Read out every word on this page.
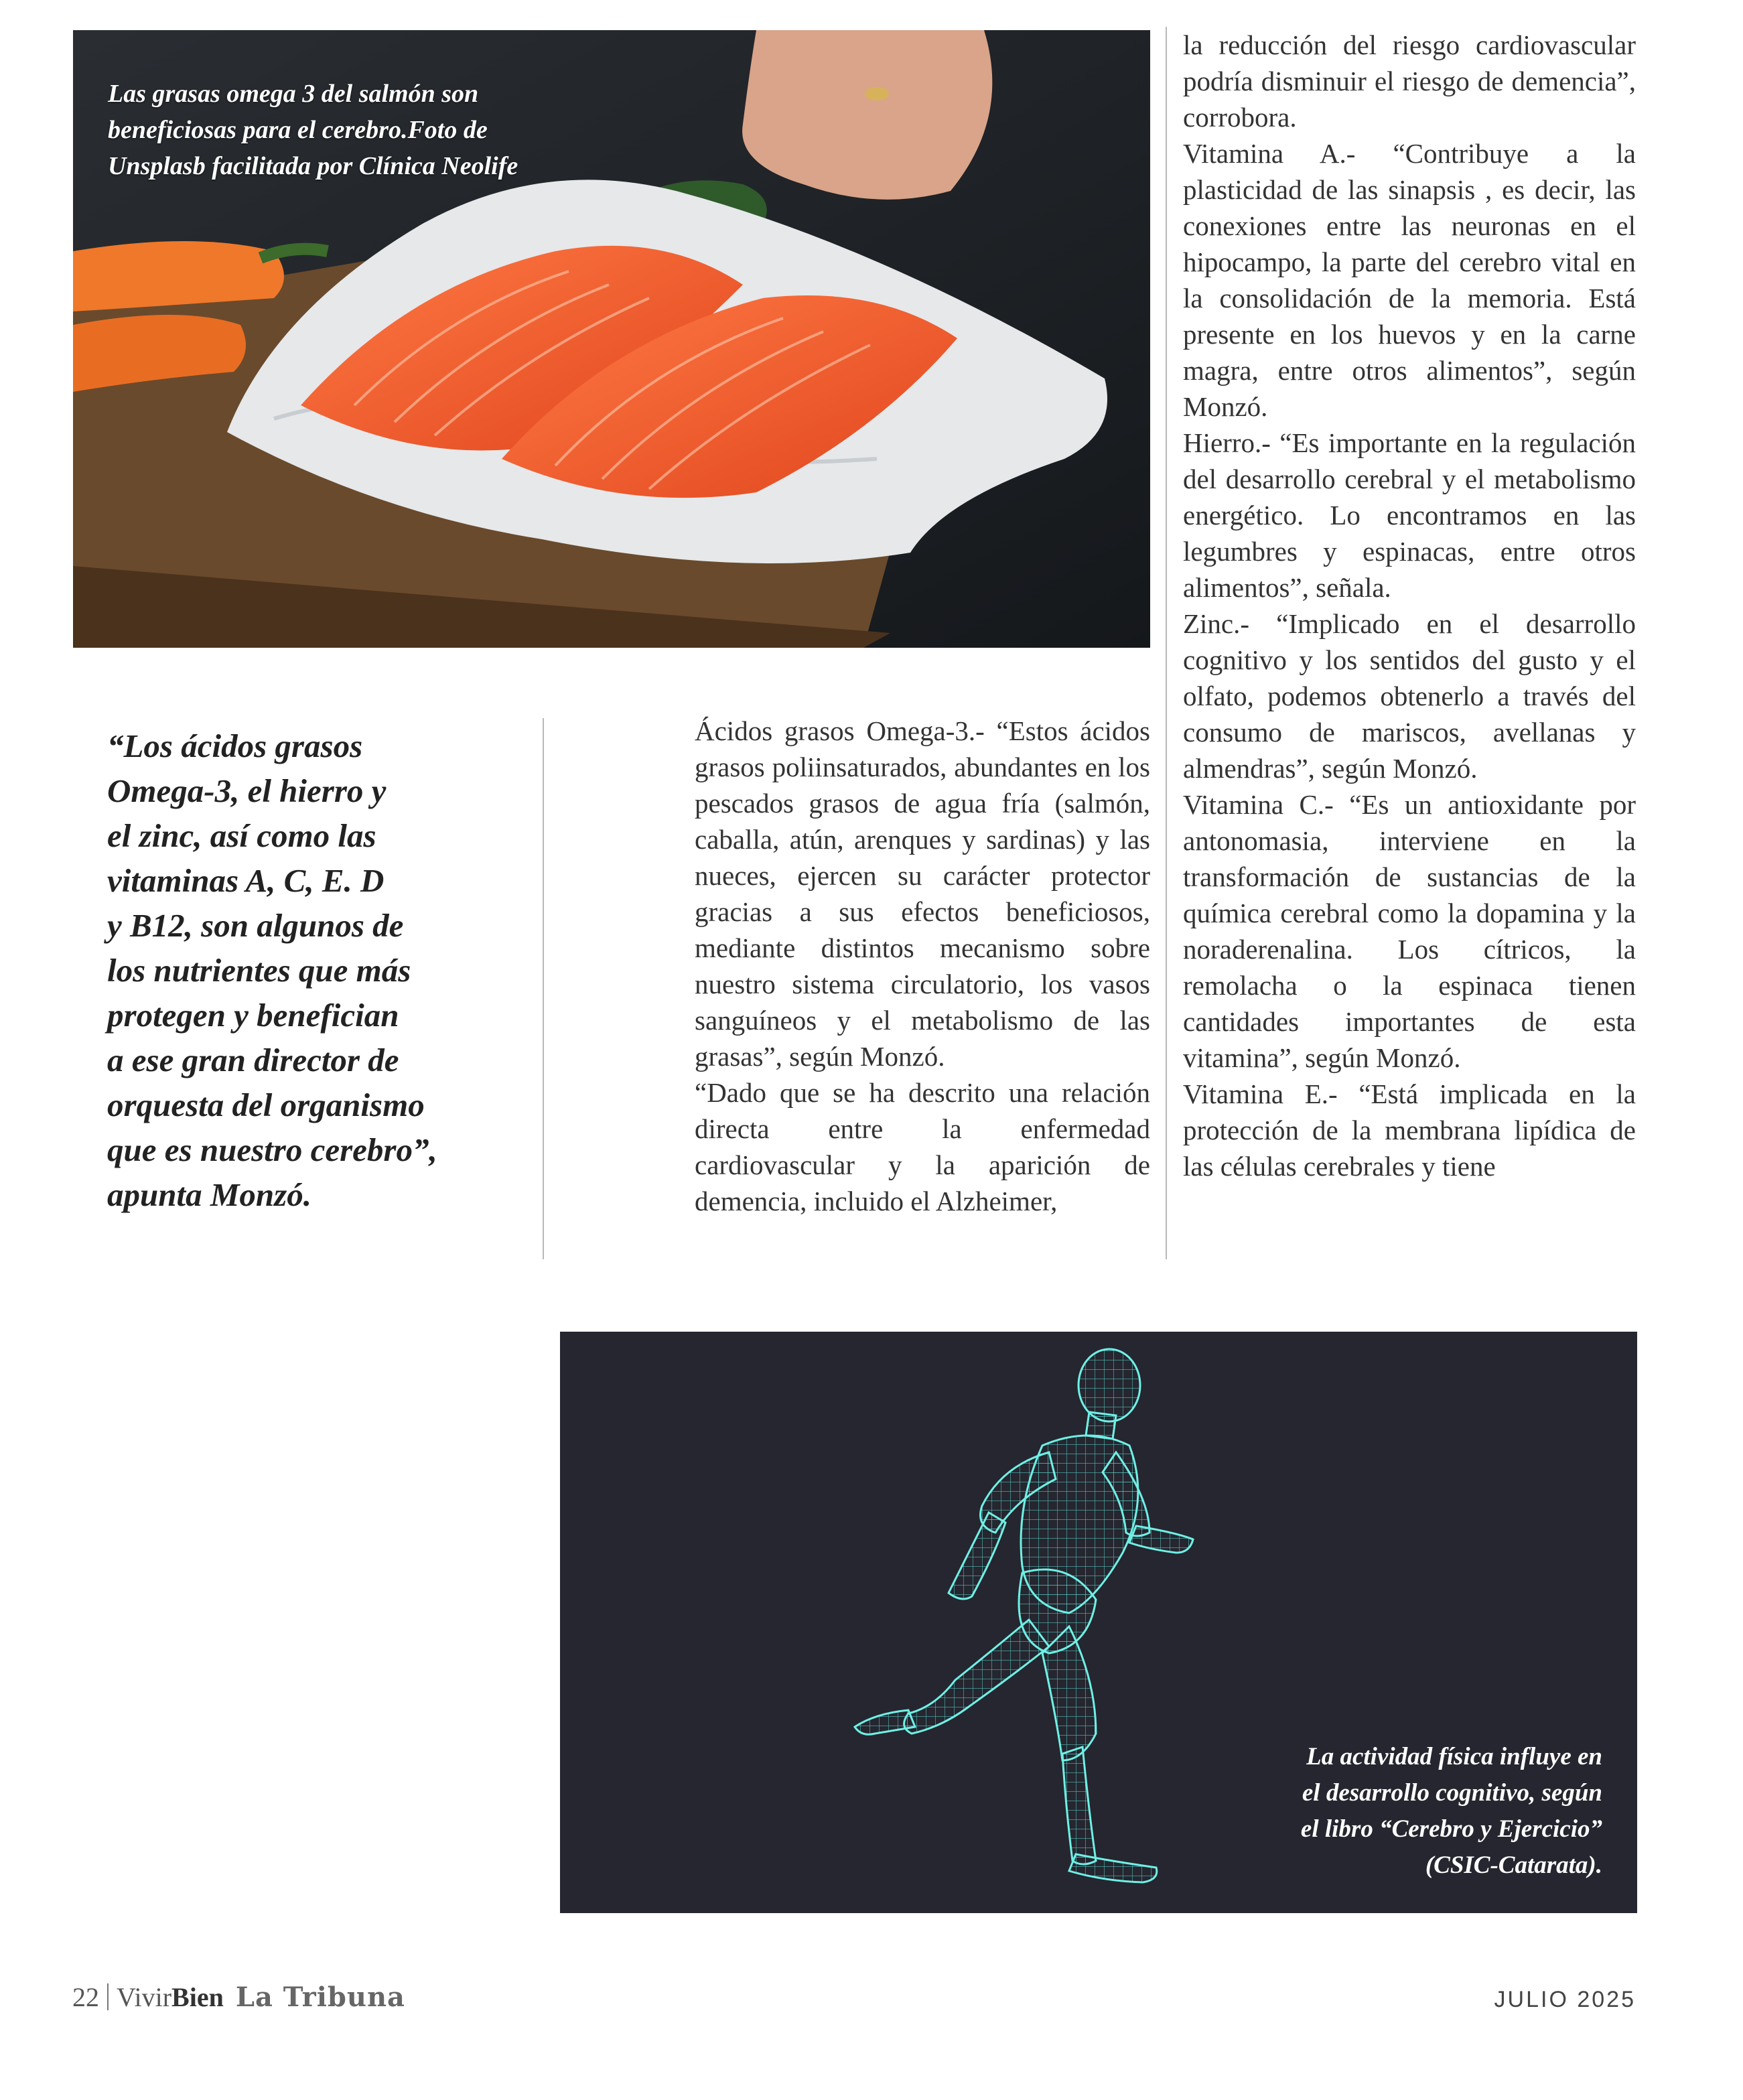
Las grasas omega 3 del salmón son beneficiosas para el cerebro.Foto de Unsplasb facilitada por Clínica Neolife
“Los ácidos grasos
Omega-3, el hierro y
el zinc, así como las
vitaminas A, C, E. D
y B12, son algunos de
los nutrientes que más
protegen y benefician
a ese gran director de
orquesta del organismo
que es nuestro cerebro”,
apunta Monzó.

Ácidos grasos Omega-3.- “Estos ácidos grasos poliinsaturados, abundantes en los pescados grasos de agua fría (salmón, caballa, atún, arenques y sardinas) y las nueces, ejercen su carácter protector gracias a sus efectos beneficiosos, mediante distintos mecanismo sobre nuestro sistema circulatorio, los vasos sanguíneos y el metabolismo de las grasas”, según Monzó.

“Dado que se ha descrito una relación directa entre la enfermedad cardiovascular y la aparición de demencia, incluido el Alzheimer,

la reducción del riesgo cardiovascular podría disminuir el riesgo de demencia”, corrobora.

Vitamina A.- “Contribuye a la plasticidad de las sinapsis , es decir, las conexiones entre las neuronas en el hipocampo, la parte del cerebro vital en la consolidación de la memoria. Está presente en los huevos y en la carne magra, entre otros alimentos”, según Monzó.

Hierro.- “Es importante en la regulación del desarrollo cerebral y el metabolismo energético. Lo encontramos en las legumbres y espinacas, entre otros alimentos”, señala.

Zinc.- “Implicado en el desarrollo cognitivo y los sentidos del gusto y el olfato, podemos obtenerlo a través del consumo de mariscos, avellanas y almendras”, según Monzó.

Vitamina C.- “Es un antioxidante por antonomasia, interviene en la transformación de sustancias de la química cerebral como la dopamina y la noraderenalina. Los cítricos, la remolacha o la espinaca tienen cantidades importantes de esta vitamina”, según Monzó.

Vitamina E.- “Está implicada en la protección de la membrana lipídica de las células cerebrales y tiene

La actividad física influye en
el desarrollo cognitivo, según
el libro “Cerebro y Ejercicio”
(CSIC-Catarata).
22 VivirBien La Tribuna	JULIO 2025
